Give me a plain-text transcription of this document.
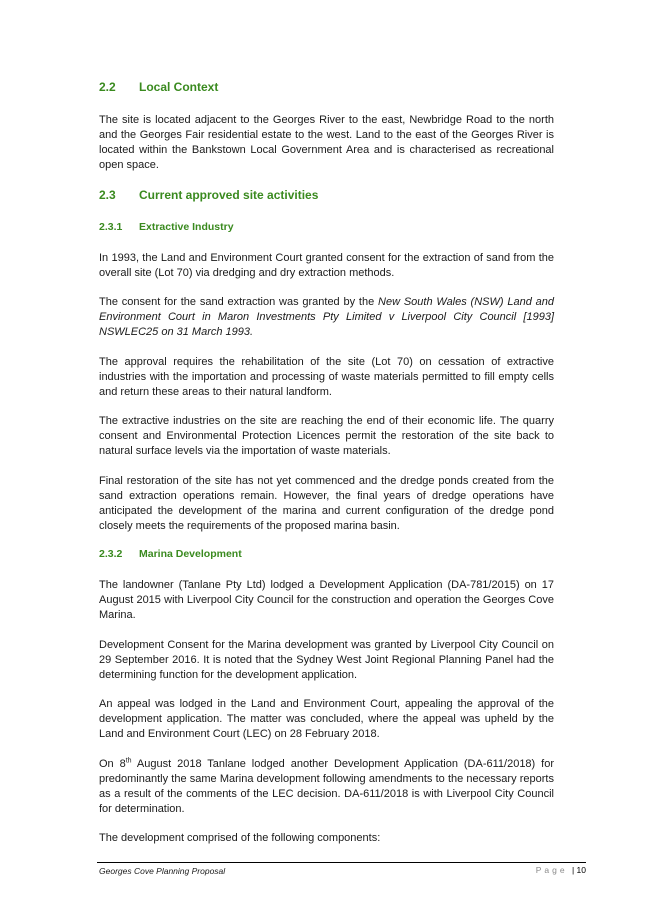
2.2	Local Context

The site is located adjacent to the Georges River to the east, Newbridge Road to the north and the Georges Fair residential estate to the west. Land to the east of the Georges River is located within the Bankstown Local Government Area and is characterised as recreational open space.

2.3	Current approved site activities
2.3.1	Extractive Industry

In 1993, the Land and Environment Court granted consent for the extraction of sand from the overall site (Lot 70) via dredging and dry extraction methods.

The consent for the sand extraction was granted by the New South Wales (NSW) Land and Environment Court in Maron Investments Pty Limited v Liverpool City Council [1993] NSWLEC25 on 31 March 1993.

The approval requires the rehabilitation of the site (Lot 70) on cessation of extractive industries with the importation and processing of waste materials permitted to fill empty cells and return these areas to their natural landform.

The extractive industries on the site are reaching the end of their economic life. The quarry consent and Environmental Protection Licences permit the restoration of the site back to natural surface levels via the importation of waste materials.

Final restoration of the site has not yet commenced and the dredge ponds created from the sand extraction operations remain. However, the final years of dredge operations have anticipated the development of the marina and current configuration of the dredge pond closely meets the requirements of the proposed marina basin.

2.3.2	Marina Development

The landowner (Tanlane Pty Ltd) lodged a Development Application (DA-781/2015) on 17 August 2015 with Liverpool City Council for the construction and operation the Georges Cove Marina.

Development Consent for the Marina development was granted by Liverpool City Council on 29 September 2016. It is noted that the Sydney West Joint Regional Planning Panel had the determining function for the development application.

An appeal was lodged in the Land and Environment Court, appealing the approval of the development application. The matter was concluded, where the appeal was upheld by the Land and Environment Court (LEC) on 28 February 2018.

On 8th August 2018 Tanlane lodged another Development Application (DA-611/2018) for predominantly the same Marina development following amendments to the necessary reports as a result of the comments of the LEC decision. DA-611/2018 is with Liverpool City Council for determination.

The development comprised of the following components:

Georges Cove Planning Proposal	Page | 10
